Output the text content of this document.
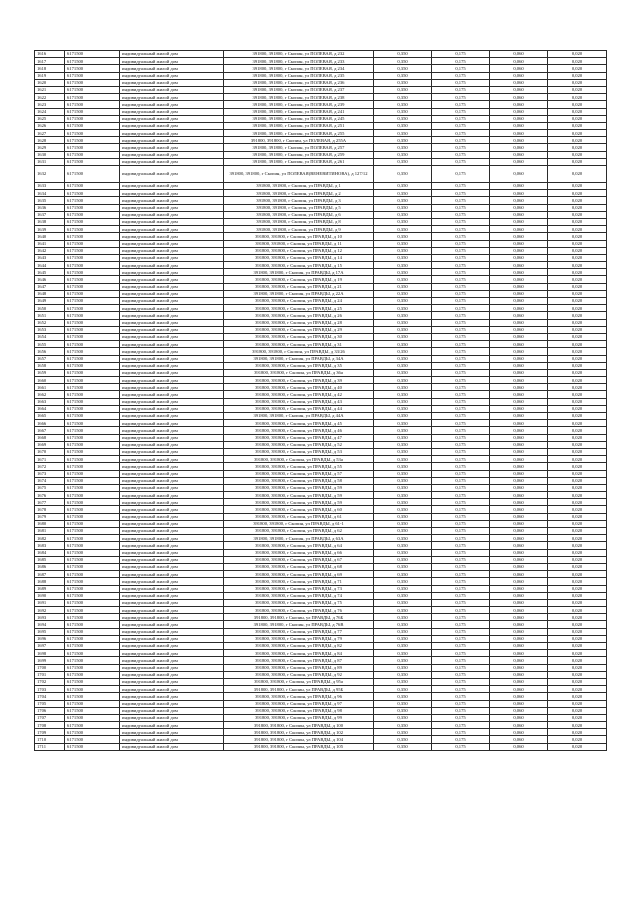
1616	6171500	индивидуальный жилой дом	391800, 391800, г Скопин, ул ПОЛЕВАЯ, д 232	0,350	0,175	0,060	0,020
1617	6171500	индивидуальный жилой дом	391800, 391800, г Скопин, ул ПОЛЕВАЯ, д 233	0,350	0,175	0,060	0,020
1618	6171500	индивидуальный жилой дом	391800, 391800, г Скопин, ул ПОЛЕВАЯ, д 234	0,350	0,175	0,060	0,020
1619	6171500	индивидуальный жилой дом	391800, 391800, г Скопин, ул ПОЛЕВАЯ, д 235	0,350	0,175	0,060	0,020
1620	6171500	индивидуальный жилой дом	391800, 391800, г Скопин, ул ПОЛЕВАЯ, д 236	0,350	0,175	0,060	0,020
1621	6171500	индивидуальный жилой дом	391800, 391800, г Скопин, ул ПОЛЕВАЯ, д 237	0,350	0,175	0,060	0,020
1622	6171500	индивидуальный жилой дом	391800, 391800, г Скопин, ул ПОЛЕВАЯ, д 238	0,350	0,175	0,060	0,020
1623	6171500	индивидуальный жилой дом	391800, 391800, г Скопин, ул ПОЛЕВАЯ, д 239	0,350	0,175	0,060	0,020
1624	6171500	индивидуальный жилой дом	391800, 391800, г Скопин, ул ПОЛЕВАЯ, д 241	0,350	0,175	0,060	0,020
1625	6171500	индивидуальный жилой дом	391800, 391800, г Скопин, ул ПОЛЕВАЯ, д 245	0,350	0,175	0,060	0,020
1626	6171500	индивидуальный жилой дом	391800, 391800, г Скопин, ул ПОЛЕВАЯ, д 251	0,350	0,175	0,060	0,020
1627	6171500	индивидуальный жилой дом	391800, 391800, г Скопин, ул ПОЛЕВАЯ, д 255	0,350	0,175	0,060	0,020
1628	6171500	индивидуальный жилой дом	391800, 391800, г Скопин, ул ПОЛЕВАЯ, д 255А	0,350	0,175	0,060	0,020
1629	6171500	индивидуальный жилой дом	391800, 391800, г Скопин, ул ПОЛЕВАЯ, д 257	0,350	0,175	0,060	0,020
1630	6171500	индивидуальный жилой дом	391800, 391800, г Скопин, ул ПОЛЕВАЯ, д 259	0,350	0,175	0,060	0,020
1631	6171500	индивидуальный жилой дом	391800, 391800, г Скопин, ул ПОЛЕВАЯ, д 261	0,350	0,175	0,060	0,020
1632	6171500	индивидуальный жилой дом	391800, 391800, г Скопин, ул ПОЛЕВАЯ(ВЕНЕВИТИНОВА), д 127/12	0,350	0,175	0,060	0,020
1633	6171500	индивидуальный жилой дом	391800, 391800, г Скопин, ул ПРАВДЫ, д 1	0,350	0,175	0,060	0,020
1634	6171500	индивидуальный жилой дом	391800, 391800, г Скопин, ул ПРАВДЫ, д 2	0,350	0,175	0,060	0,020
1635	6171500	индивидуальный жилой дом	391800, 391800, г Скопин, ул ПРАВДЫ, д 3	0,350	0,175	0,060	0,020
1636	6171500	индивидуальный жилой дом	391800, 391800, г Скопин, ул ПРАВДЫ, д 5	0,350	0,175	0,060	0,020
1637	6171500	индивидуальный жилой дом	391800, 391800, г Скопин, ул ПРАВДЫ, д 6	0,350	0,175	0,060	0,020
1638	6171500	индивидуальный жилой дом	391800, 391800, г Скопин, ул ПРАВДЫ, д 8	0,350	0,175	0,060	0,020
1639	6171500	индивидуальный жилой дом	391800, 391800, г Скопин, ул ПРАВДЫ, д 9	0,350	0,175	0,060	0,020
1640	6171500	индивидуальный жилой дом	391800, 391800, г Скопин, ул ПРАВДЫ, д 10	0,350	0,175	0,060	0,020
1641	6171500	индивидуальный жилой дом	391800, 391800, г Скопин, ул ПРАВДЫ, д 11	0,350	0,175	0,060	0,020
1642	6171500	индивидуальный жилой дом	391800, 391800, г Скопин, ул ПРАВДЫ, д 12	0,350	0,175	0,060	0,020
1643	6171500	индивидуальный жилой дом	391800, 391800, г Скопин, ул ПРАВДЫ, д 14	0,350	0,175	0,060	0,020
1644	6171500	индивидуальный жилой дом	391800, 391800, г Скопин, ул ПРАВДЫ, д 15	0,350	0,175	0,060	0,020
1645	6171500	индивидуальный жилой дом	391800, 391800, г Скопин, ул ПРАВДЫ, д 17А	0,350	0,175	0,060	0,020
1646	6171500	индивидуальный жилой дом	391800, 391800, г Скопин, ул ПРАВДЫ, д 19	0,350	0,175	0,060	0,020
1647	6171500	индивидуальный жилой дом	391800, 391800, г Скопин, ул ПРАВДЫ, д 21	0,350	0,175	0,060	0,020
1648	6171500	индивидуальный жилой дом	391800, 391800, г Скопин, ул ПРАВДЫ, д 22А	0,350	0,175	0,060	0,020
1649	6171500	индивидуальный жилой дом	391800, 391800, г Скопин, ул ПРАВДЫ, д 24	0,350	0,175	0,060	0,020
1650	6171500	индивидуальный жилой дом	391800, 391800, г Скопин, ул ПРАВДЫ, д 25	0,350	0,175	0,060	0,020
1651	6171500	индивидуальный жилой дом	391800, 391800, г Скопин, ул ПРАВДЫ, д 26	0,350	0,175	0,060	0,020
1652	6171500	индивидуальный жилой дом	391800, 391800, г Скопин, ул ПРАВДЫ, д 28	0,350	0,175	0,060	0,020
1653	6171500	индивидуальный жилой дом	391800, 391800, г Скопин, ул ПРАВДЫ, д 29	0,350	0,175	0,060	0,020
1654	6171500	индивидуальный жилой дом	391800, 391800, г Скопин, ул ПРАВДЫ, д 30	0,350	0,175	0,060	0,020
1655	6171500	индивидуальный жилой дом	391800, 391800, г Скопин, ул ПРАВДЫ, д 31	0,350	0,175	0,060	0,020
1656	6171500	индивидуальный жилой дом	391800, 391800, г Скопин, ул ПРАВДЫ, д 33/26	0,350	0,175	0,060	0,020
1657	6171500	индивидуальный жилой дом	391800, 391800, г Скопин, ул ПРАВДЫ, д 34А	0,350	0,175	0,060	0,020
1658	6171500	индивидуальный жилой дом	391800, 391800, г Скопин, ул ПРАВДЫ, д 35	0,350	0,175	0,060	0,020
1659	6171500	индивидуальный жилой дом	391800, 391800, г Скопин, ул ПРАВДЫ, д 36а	0,350	0,175	0,060	0,020
1660	6171500	индивидуальный жилой дом	391800, 391800, г Скопин, ул ПРАВДЫ, д 39	0,350	0,175	0,060	0,020
1661	6171500	индивидуальный жилой дом	391800, 391800, г Скопин, ул ПРАВДЫ, д 40	0,350	0,175	0,060	0,020
1662	6171500	индивидуальный жилой дом	391800, 391800, г Скопин, ул ПРАВДЫ, д 42	0,350	0,175	0,060	0,020
1663	6171500	индивидуальный жилой дом	391800, 391800, г Скопин, ул ПРАВДЫ, д 43	0,350	0,175	0,060	0,020
1664	6171500	индивидуальный жилой дом	391800, 391800, г Скопин, ул ПРАВДЫ, д 44	0,350	0,175	0,060	0,020
1665	6171500	индивидуальный жилой дом	391800, 391800, г Скопин, ул ПРАВДЫ, д 44А	0,350	0,175	0,060	0,020
1666	6171500	индивидуальный жилой дом	391800, 391800, г Скопин, ул ПРАВДЫ, д 45	0,350	0,175	0,060	0,020
1667	6171500	индивидуальный жилой дом	391800, 391800, г Скопин, ул ПРАВДЫ, д 46	0,350	0,175	0,060	0,020
1668	6171500	индивидуальный жилой дом	391800, 391800, г Скопин, ул ПРАВДЫ, д 47	0,350	0,175	0,060	0,020
1669	6171500	индивидуальный жилой дом	391800, 391800, г Скопин, ул ПРАВДЫ, д 52	0,350	0,175	0,060	0,020
1670	6171500	индивидуальный жилой дом	391800, 391800, г Скопин, ул ПРАВДЫ, д 53	0,350	0,175	0,060	0,020
1671	6171500	индивидуальный жилой дом	391800, 391800, г Скопин, ул ПРАВДЫ, д 53а	0,350	0,175	0,060	0,020
1672	6171500	индивидуальный жилой дом	391800, 391800, г Скопин, ул ПРАВДЫ, д 55	0,350	0,175	0,060	0,020
1673	6171500	индивидуальный жилой дом	391800, 391800, г Скопин, ул ПРАВДЫ, д 57	0,350	0,175	0,060	0,020
1674	6171500	индивидуальный жилой дом	391800, 391800, г Скопин, ул ПРАВДЫ, д 58	0,350	0,175	0,060	0,020
1675	6171500	индивидуальный жилой дом	391800, 391800, г Скопин, ул ПРАВДЫ, д 59	0,350	0,175	0,060	0,020
1676	6171500	индивидуальный жилой дом	391800, 391800, г Скопин, ул ПРАВДЫ, д 59	0,350	0,175	0,060	0,020
1677	6171500	индивидуальный жилой дом	391800, 391800, г Скопин, ул ПРАВДЫ, д 59	0,350	0,175	0,060	0,020
1678	6171500	индивидуальный жилой дом	391800, 391800, г Скопин, ул ПРАВДЫ, д 60	0,350	0,175	0,060	0,020
1679	6171500	индивидуальный жилой дом	391800, 391800, г Скопин, ул ПРАВДЫ, д 61	0,350	0,175	0,060	0,020
1680	6171500	индивидуальный жилой дом	391800, 391800, г Скопин, ул ПРАВДЫ, д 61-1	0,350	0,175	0,060	0,020
1681	6171500	индивидуальный жилой дом	391800, 391800, г Скопин, ул ПРАВДЫ, д 62	0,350	0,175	0,060	0,020
1682	6171500	индивидуальный жилой дом	391800, 391800, г Скопин, ул ПРАВДЫ, д 63А	0,350	0,175	0,060	0,020
1683	6171500	индивидуальный жилой дом	391800, 391800, г Скопин, ул ПРАВДЫ, д 64	0,350	0,175	0,060	0,020
1684	6171500	индивидуальный жилой дом	391800, 391800, г Скопин, ул ПРАВДЫ, д 66	0,350	0,175	0,060	0,020
1685	6171500	индивидуальный жилой дом	391800, 391800, г Скопин, ул ПРАВДЫ, д 67	0,350	0,175	0,060	0,020
1686	6171500	индивидуальный жилой дом	391800, 391800, г Скопин, ул ПРАВДЫ, д 68	0,350	0,175	0,060	0,020
1687	6171500	индивидуальный жилой дом	391800, 391800, г Скопин, ул ПРАВДЫ, д 69	0,350	0,175	0,060	0,020
1688	6171500	индивидуальный жилой дом	391800, 391800, г Скопин, ул ПРАВДЫ, д 71	0,350	0,175	0,060	0,020
1689	6171500	индивидуальный жилой дом	391800, 391800, г Скопин, ул ПРАВДЫ, д 73	0,350	0,175	0,060	0,020
1690	6171500	индивидуальный жилой дом	391800, 391800, г Скопин, ул ПРАВДЫ, д 74	0,350	0,175	0,060	0,020
1691	6171500	индивидуальный жилой дом	391800, 391800, г Скопин, ул ПРАВДЫ, д 75	0,350	0,175	0,060	0,020
1692	6171500	индивидуальный жилой дом	391800, 391800, г Скопин, ул ПРАВДЫ, д 76	0,350	0,175	0,060	0,020
1693	6171500	индивидуальный жилой дом	391800, 391800, г Скопин, ул ПРАВДЫ, д 76Б	0,350	0,175	0,060	0,020
1694	6171500	индивидуальный жилой дом	391800, 391800, г Скопин, ул ПРАВДЫ, д 76В	0,350	0,175	0,060	0,020
1695	6171500	индивидуальный жилой дом	391800, 391800, г Скопин, ул ПРАВДЫ, д 77	0,350	0,175	0,060	0,020
1696	6171500	индивидуальный жилой дом	391800, 391800, г Скопин, ул ПРАВДЫ, д 79	0,350	0,175	0,060	0,020
1697	6171500	индивидуальный жилой дом	391800, 391800, г Скопин, ул ПРАВДЫ, д 82	0,350	0,175	0,060	0,020
1698	6171500	индивидуальный жилой дом	391800, 391800, г Скопин, ул ПРАВДЫ, д 84	0,350	0,175	0,060	0,020
1699	6171500	индивидуальный жилой дом	391800, 391800, г Скопин, ул ПРАВДЫ, д 87	0,350	0,175	0,060	0,020
1700	6171500	индивидуальный жилой дом	391800, 391800, г Скопин, ул ПРАВДЫ, д 89	0,350	0,175	0,060	0,020
1701	6171500	индивидуальный жилой дом	391800, 391800, г Скопин, ул ПРАВДЫ, д 92	0,350	0,175	0,060	0,020
1702	6171500	индивидуальный жилой дом	391800, 391800, г Скопин, ул ПРАВДЫ, д 95а	0,350	0,175	0,060	0,020
1703	6171500	индивидуальный жилой дом	391800, 391800, г Скопин, ул ПРАВДЫ, д 95Б	0,350	0,175	0,060	0,020
1704	6171500	индивидуальный жилой дом	391800, 391800, г Скопин, ул ПРАВДЫ, д 96	0,350	0,175	0,060	0,020
1705	6171500	индивидуальный жилой дом	391800, 391800, г Скопин, ул ПРАВДЫ, д 97	0,350	0,175	0,060	0,020
1706	6171500	индивидуальный жилой дом	391800, 391800, г Скопин, ул ПРАВДЫ, д 98	0,350	0,175	0,060	0,020
1707	6171500	индивидуальный жилой дом	391800, 391800, г Скопин, ул ПРАВДЫ, д 99	0,350	0,175	0,060	0,020
1708	6171500	индивидуальный жилой дом	391800, 391800, г Скопин, ул ПРАВДЫ, д 100	0,350	0,175	0,060	0,020
1709	6171500	индивидуальный жилой дом	391800, 391800, г Скопин, ул ПРАВДЫ, д 102	0,350	0,175	0,060	0,020
1710	6171500	индивидуальный жилой дом	391800, 391800, г Скопин, ул ПРАВДЫ, д 104	0,350	0,175	0,060	0,020
1711	6171500	индивидуальный жилой дом	391800, 391800, г Скопин, ул ПРАВДЫ, д 105	0,350	0,175	0,060	0,020
